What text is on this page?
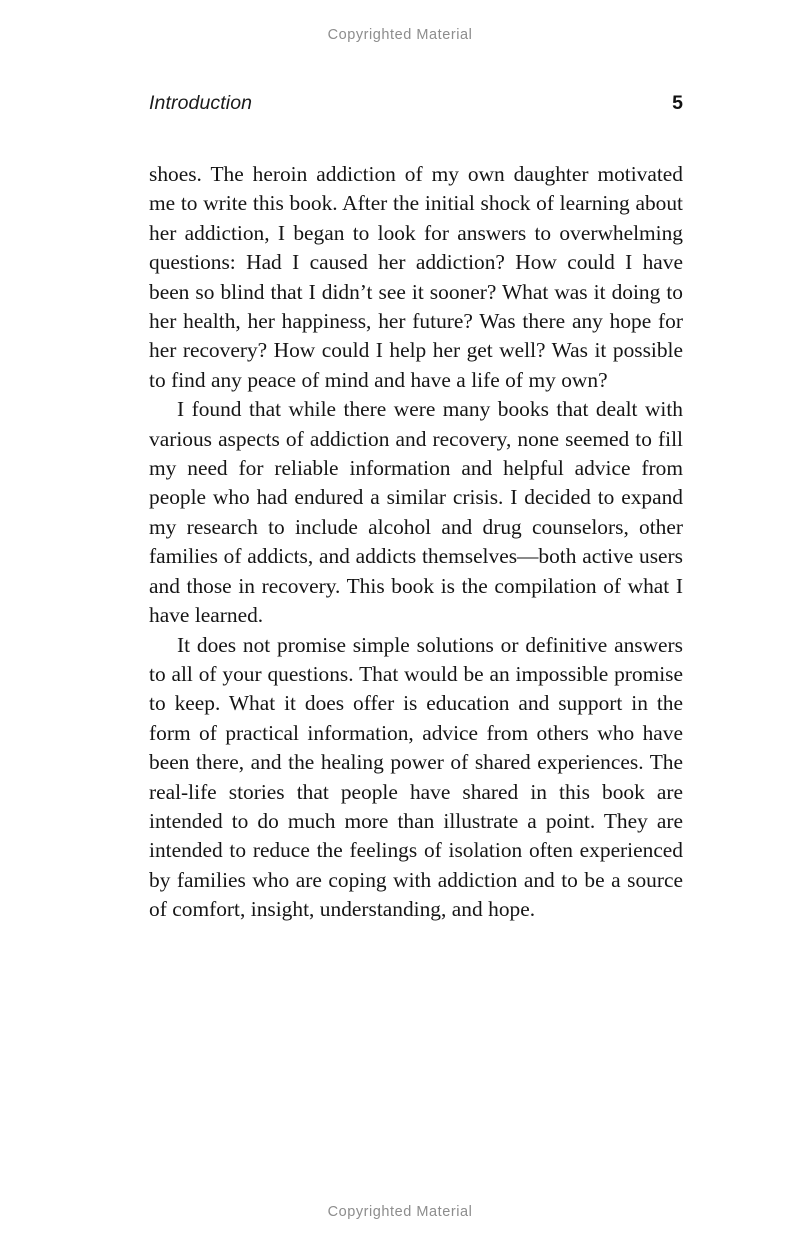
Copyrighted Material
Introduction	5

shoes. The heroin addiction of my own daughter motivated me to write this book. After the initial shock of learning about her addiction, I began to look for answers to overwhelming questions: Had I caused her addiction? How could I have been so blind that I didn’t see it sooner? What was it doing to her health, her happiness, her future? Was there any hope for her recovery? How could I help her get well? Was it possible to find any peace of mind and have a life of my own?

I found that while there were many books that dealt with various aspects of addiction and recovery, none seemed to fill my need for reliable information and helpful advice from people who had endured a similar crisis. I decided to expand my research to include alcohol and drug counselors, other families of addicts, and addicts themselves—both active users and those in recovery. This book is the compilation of what I have learned.

It does not promise simple solutions or definitive answers to all of your questions. That would be an impossible promise to keep. What it does offer is education and support in the form of practical information, advice from others who have been there, and the healing power of shared experiences. The real-life stories that people have shared in this book are intended to do much more than illustrate a point. They are intended to reduce the feelings of isolation often experienced by families who are coping with addiction and to be a source of comfort, insight, understanding, and hope.

Copyrighted Material
